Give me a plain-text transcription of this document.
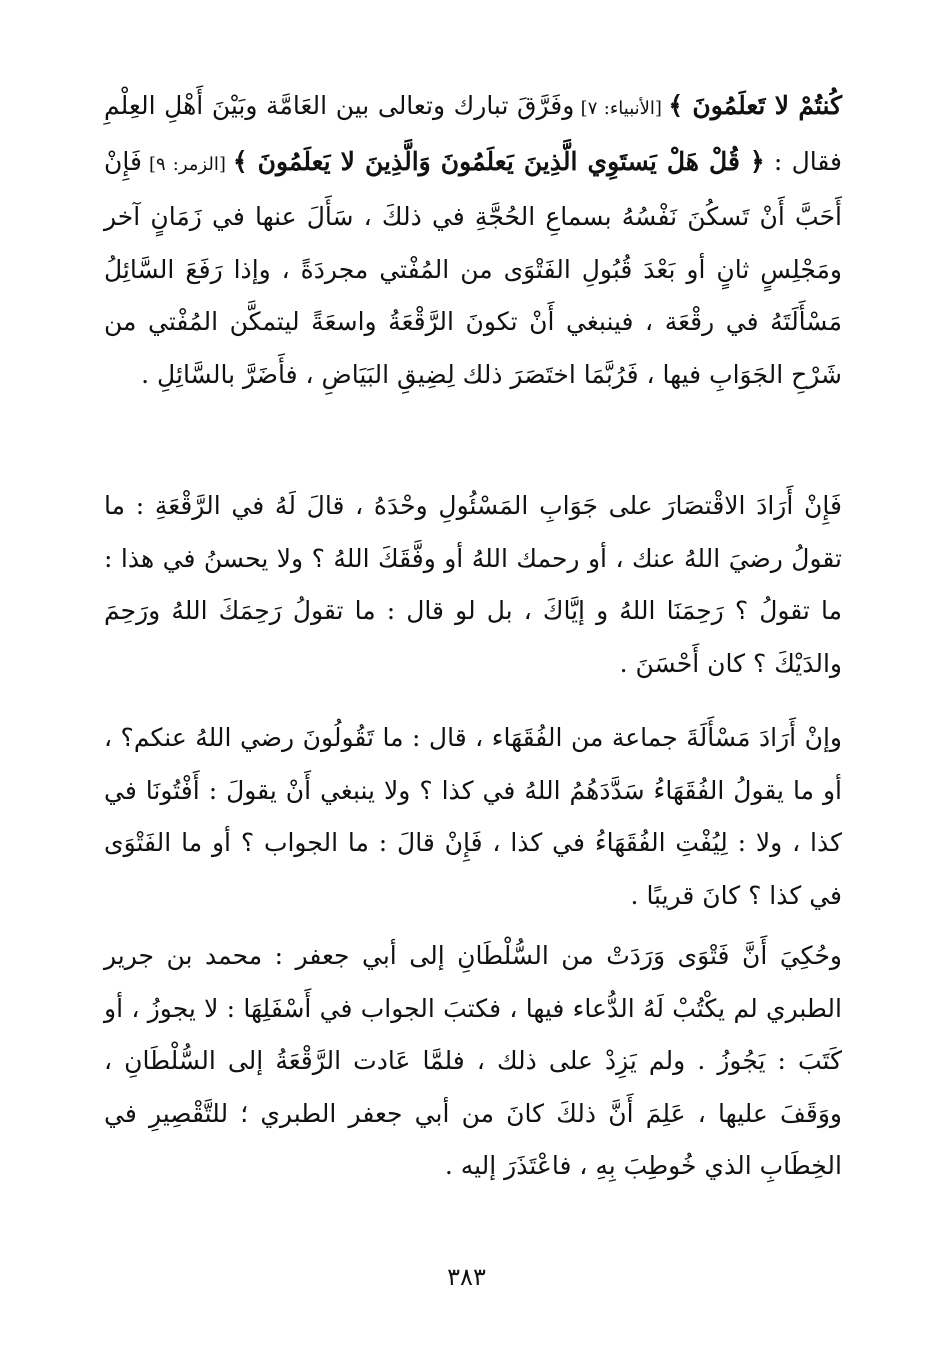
كُنتُمْ لا تَعلَمُونَ ﴾ [الأنبياء: ٧] وفَرَّقَ تبارك وتعالى بين العَامَّة وبَيْنَ أَهْلِ العِلْمِ فقال : ﴿ قُلْ هَلْ يَستَوِي الَّذِينَ يَعلَمُونَ وَالَّذِينَ لا يَعلَمُونَ ﴾ [الزمر: ٩] فَإِنْ أَحَبَّ أَنْ تَسكُنَ نَفْسُهُ بسماعِ الحُجَّةِ في ذلكَ ، سَأَلَ عنها في زَمَانٍ آخر ومَجْلِسٍ ثانٍ أو بَعْدَ قُبُولِ الفَتْوَى من المُفْتي مجردَةً ، وإذا رَفَعَ السَّائِلُ مَسْأَلَتَهُ في رقْعَة ، فينبغي أَنْ تكونَ الرَّقْعَةُ واسعَةً ليتمكَّن المُفْتي من شَرْحِ الجَوَابِ فيها ، فَرُبَّمَا اختَصَرَ ذلك لِضِيقِ البَيَاضِ ، فأَضَرَّ بالسَّائِلِ .

فَإِنْ أَرَادَ الاقْتصَارَ على جَوَابِ المَسْئُولِ وحْدَهُ ، قالَ لَهُ في الرَّقْعَةِ : ما تقولُ رضيَ اللهُ عنك ، أو رحمك اللهُ أو وفَّقَكَ اللهُ ؟ ولا يحسنُ في هذا : ما تقولُ ؟ رَحِمَنَا اللهُ و إيَّاكَ ، بل لو قال : ما تقولُ رَحِمَكَ اللهُ ورَحِمَ والدَيْكَ ؟ كان أَحْسَنَ .

وإنْ أَرَادَ مَسْأَلَةَ جماعة من الفُقَهَاء ، قال : ما تَقُولُونَ رضي اللهُ عنكم؟ ، أو ما يقولُ الفُقَهَاءُ سَدَّدَهُمُ اللهُ في كذا ؟ ولا ينبغي أَنْ يقولَ : أَفْتُونَا في كذا ، ولا : لِيُفْتِ الفُقَهَاءُ في كذا ، فَإِنْ قالَ : ما الجواب ؟ أو ما الفَتْوَى في كذا ؟ كانَ قريبًا .

وحُكِيَ أَنَّ فَتْوَى وَرَدَتْ من السُّلْطَانِ إلى أبي جعفر : محمد بن جرير الطبري لم يكْتُبْ لَهُ الدُّعاء فيها ، فكتبَ الجواب في أَسْفَلِهَا : لا يجوزُ ، أو كَتَبَ : يَجُوزُ . ولم يَزِدْ على ذلك ، فلمَّا عَادت الرَّقْعَةُ إلى السُّلْطَانِ ، ووَقَفَ عليها ، عَلِمَ أَنَّ ذلكَ كانَ من أبي جعفر الطبري ؛ للتَّقْصِيرِ في الخِطَابِ الذي خُوطِبَ بِهِ ، فاعْتَذَرَ إليه .

٣٨٣
